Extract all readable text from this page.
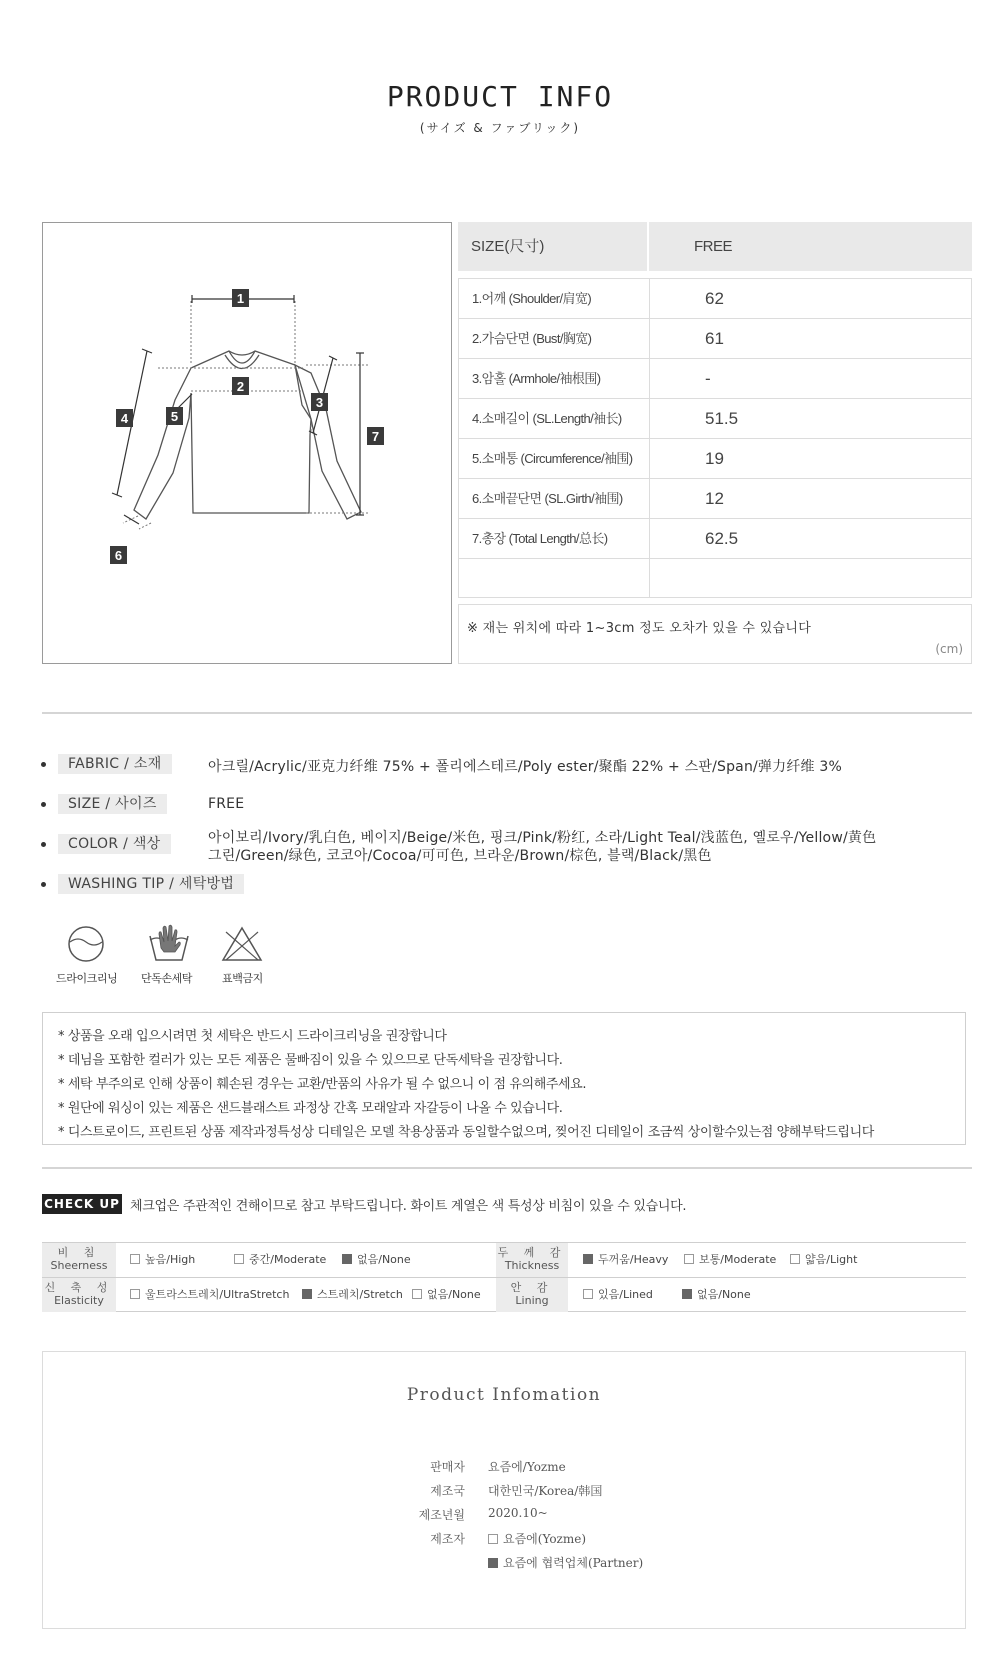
PRODUCT INFO
(サイズ & ファブリック)
1
2
3
4	5
6
7
SIZE(尺寸)	FREE
1.어깨 (Shoulder/肩宽)	62
2.가슴단면 (Bust/胸宽)	61
3.암홀 (Armhole/袖根围)	-
4.소매길이 (SL.Length/袖长)	51.5
5.소매통 (Circumference/袖围)	19
6.소매끝단면 (SL.Girth/袖围)	12
7.총장 (Total Length/总长)	62.5
※ 재는 위치에 따라 1~3cm 정도 오차가 있을 수 있습니다
(cm)
FABRIC / 소재	아크릴/Acrylic/亚克力纤维 75% + 폴리에스테르/Poly ester/聚酯 22% + 스판/Span/弹力纤维 3%
SIZE / 사이즈	FREE
COLOR / 색상	아이보리/Ivory/乳白色, 베이지/Beige/米色, 핑크/Pink/粉红, 소라/Light Teal/浅蓝色, 옐로우/Yellow/黄色
그린/Green/绿色, 코코아/Cocoa/可可色, 브라운/Brown/棕色, 블랙/Black/黑色
WASHING TIP / 세탁방법
드라이크리닝 단독손세탁	표백금지
* 상품을 오래 입으시려면 첫 세탁은 반드시 드라이크리닝을 권장합니다
* 데님을 포함한 컬러가 있는 모든 제품은 물빠짐이 있을 수 있으므로 단독세탁을 권장합니다.
* 세탁 부주의로 인해 상품이 훼손된 경우는 교환/반품의 사유가 될 수 없으니 이 점 유의해주세요.
* 원단에 워싱이 있는 제품은 샌드블래스트 과정상 간혹 모래알과 자갈등이 나올 수 있습니다.
* 디스트로이드, 프린트된 상품 제작과정특성상 디테일은 모델 착용상품과 동일할수없으며, 찢어진 디테일이 조금씩 상이할수있는점 양해부탁드립니다
CHECK UP 체크업은 주관적인 견해이므로 참고 부탁드립니다. 화이트 계열은 색 특성상 비침이 있을 수 있습니다.
비 침
Sheerness	높음/High	중간/Moderate	없음/None
두 께 감
Thickness	두꺼움/Heavy	보통/Moderate	얇음/Light
신 축 성
Elasticity	울트라스트레치/UltraStretch	스트레치/Stretch	없음/None
안 감
Lining	있음/Lined	없음/None
Product Infomation
판매자 요즘에/Yozme
제조국 대한민국/Korea/韩国
제조년월 2020.10~
제조자	요즘에(Yozme)
요즘에 협력업체(Partner)
